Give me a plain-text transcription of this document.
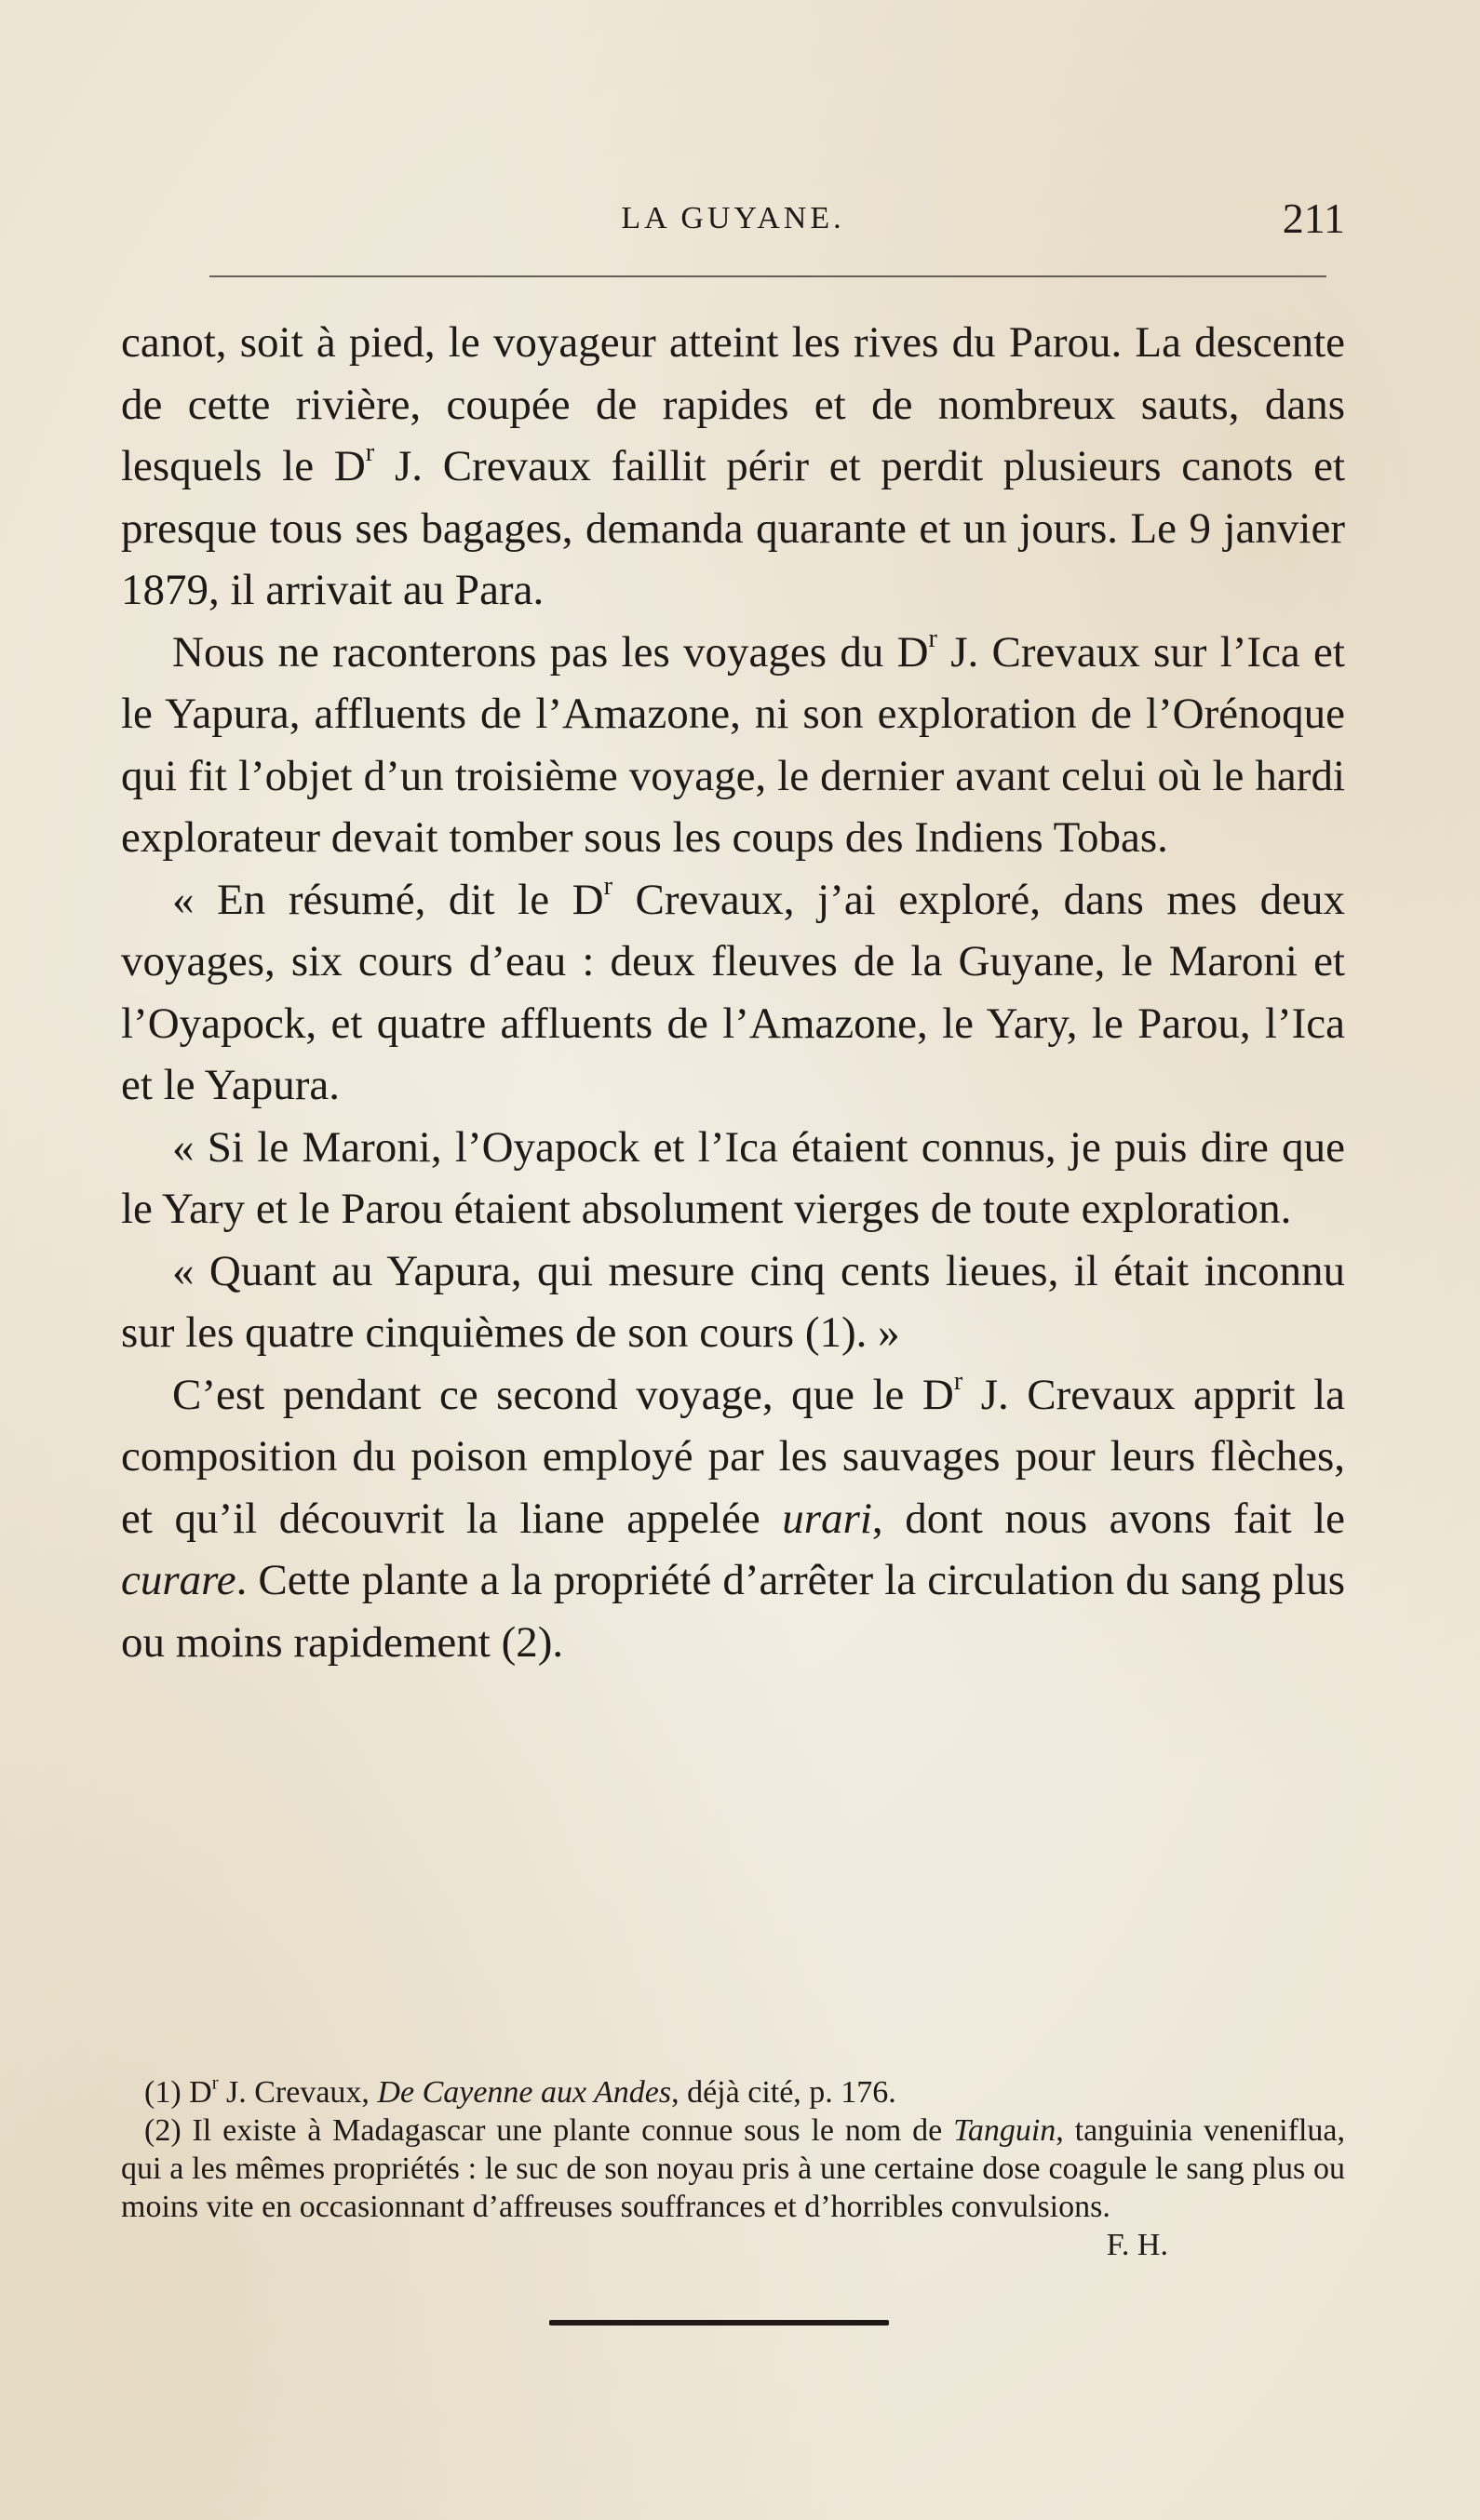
LA GUYANE.	211

canot, soit à pied, le voyageur atteint les rives du Parou. La descente de cette rivière, coupée de rapides et de nombreux sauts, dans lesquels le $D^r$ J. Crevaux faillit périr et perdit plusieurs canots et presque tous ses bagages, demanda quarante et un jours. Le 9 janvier 1879, il arrivait au Para.

Nous ne raconterons pas les voyages du $D^r$ J. Crevaux sur l’Ica et le Yapura, affluents de l’Amazone, ni son exploration de l’Orénoque qui fit l’objet d’un troisième voyage, le dernier avant celui où le hardi explorateur devait tomber sous les coups des Indiens Tobas.

« En résumé, dit le $D^r$ Crevaux, j’ai exploré, dans mes deux voyages, six cours d’eau : deux fleuves de la Guyane, le Maroni et l’Oyapock, et quatre affluents de l’Amazone, le Yary, le Parou, l’Ica et le Yapura.

« Si le Maroni, l’Oyapock et l’Ica étaient connus, je puis dire que le Yary et le Parou étaient absolument vierges de toute exploration.

« Quant au Yapura, qui mesure cinq cents lieues, il était inconnu sur les quatre cinquièmes de son cours (1). »

C’est pendant ce second voyage, que le $D^r$ J. Crevaux apprit la composition du poison employé par les sauvages pour leurs flèches, et qu’il découvrit la liane appelée urari, dont nous avons fait le curare. Cette plante a la propriété d’arrêter la circulation du sang plus ou moins rapidement (2).

(1) $D^r$ J. Crevaux, De Cayenne aux Andes, déjà cité, p. 176.

(2) Il existe à Madagascar une plante connue sous le nom de Tanguin, tanguinia veneniflua, qui a les mêmes propriétés : le suc de son noyau pris à une certaine dose coagule le sang plus ou moins vite en occasionnant d’affreuses souffrances et d’horribles convulsions.
F. H.
